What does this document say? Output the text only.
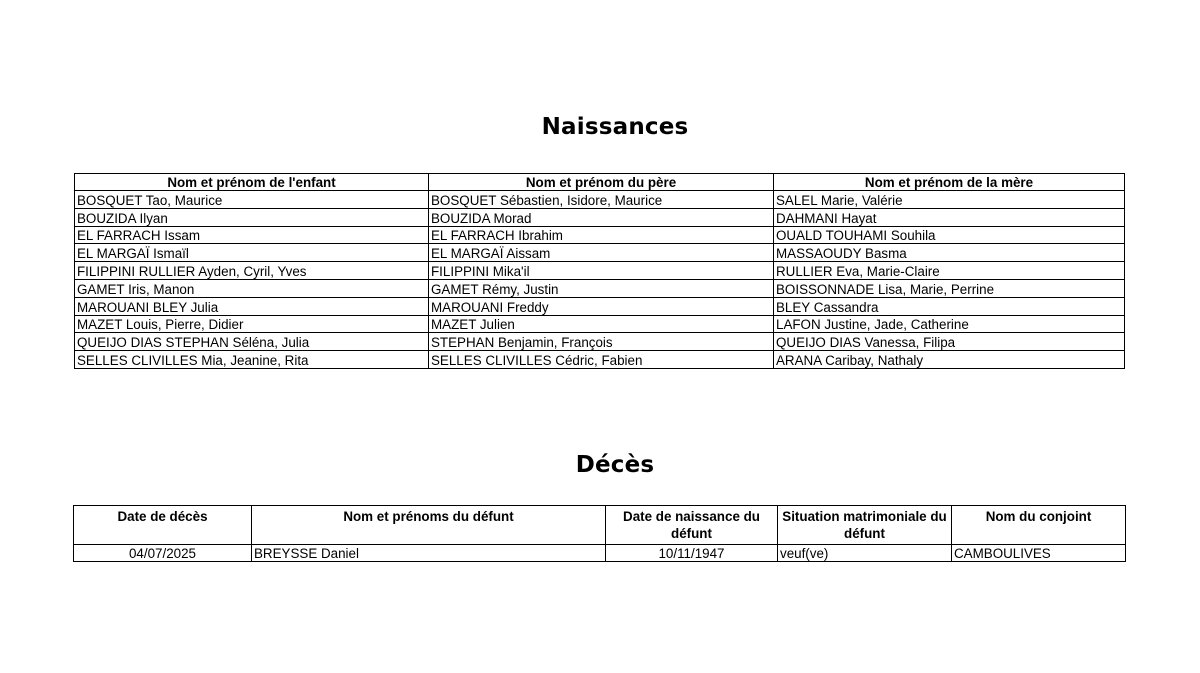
Naissances
Nom et prénom de l'enfant	Nom et prénom du père	Nom et prénom de la mère
BOSQUET Tao, Maurice	BOSQUET Sébastien, Isidore, Maurice	SALEL Marie, Valérie
BOUZIDA Ilyan	BOUZIDA Morad	DAHMANI Hayat
EL FARRACH Issam	EL FARRACH Ibrahim	OUALD TOUHAMI Souhila
EL MARGAÏ Ismaïl	EL MARGAÏ Aissam	MASSAOUDY Basma
FILIPPINI RULLIER Ayden, Cyril, Yves	FILIPPINI Mika'il	RULLIER Eva, Marie-Claire
GAMET Iris, Manon	GAMET Rémy, Justin	BOISSONNADE Lisa, Marie, Perrine
MAROUANI BLEY Julia	MAROUANI Freddy	BLEY Cassandra
MAZET Louis, Pierre, Didier	MAZET Julien	LAFON Justine, Jade, Catherine
QUEIJO DIAS STEPHAN Séléna, Julia	STEPHAN Benjamin, François	QUEIJO DIAS Vanessa, Filipa
SELLES CLIVILLES Mia, Jeanine, Rita	SELLES CLIVILLES Cédric, Fabien	ARANA Caribay, Nathaly
Décès
Date de décès	Nom et prénoms du défunt	Date de naissance du défunt	Situation matrimoniale du défunt	Nom du conjoint
04/07/2025	BREYSSE Daniel	10/11/1947	veuf(ve)	CAMBOULIVES
